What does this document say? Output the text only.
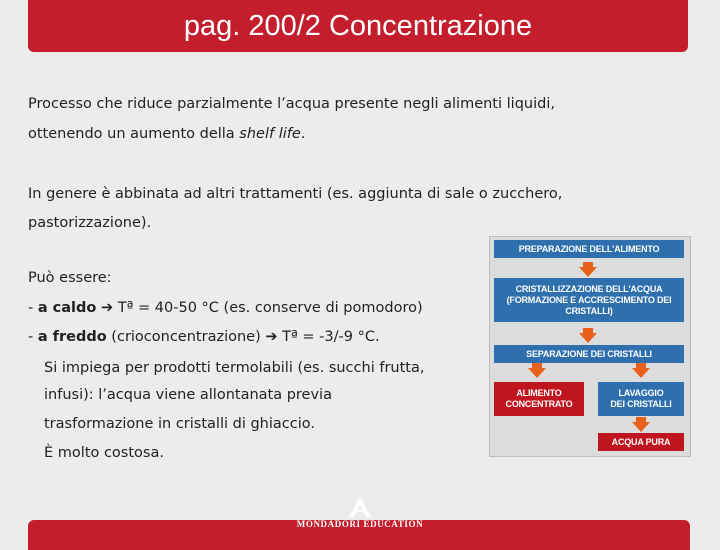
pag. 200/2 Concentrazione
Processo che riduce parzialmente l’acqua presente negli alimenti liquidi,
ottenendo un aumento della shelf life.
In genere è abbinata ad altri trattamenti (es. aggiunta di sale o zucchero,
pastorizzazione).
Può essere:
- a caldo ➔ Tª = 40-50 °C (es. conserve di pomodoro)
- a freddo (crioconcentrazione) ➔ Tª = -3/-9 °C.
Si impiega per prodotti termolabili (es. succhi frutta,
infusi): l’acqua viene allontanata previa
trasformazione in cristalli di ghiaccio.
È molto costosa.
PREPARAZIONE DELL'ALIMENTO
CRISTALLIZZAZIONE DELL'ACQUA
(FORMAZIONE E ACCRESCIMENTO DEI
CRISTALLI)
SEPARAZIONE DEI CRISTALLI
ALIMENTO
CONCENTRATO
LAVAGGIO
DEI CRISTALLI
ACQUA PURA
MONDADORI EDUCATION
